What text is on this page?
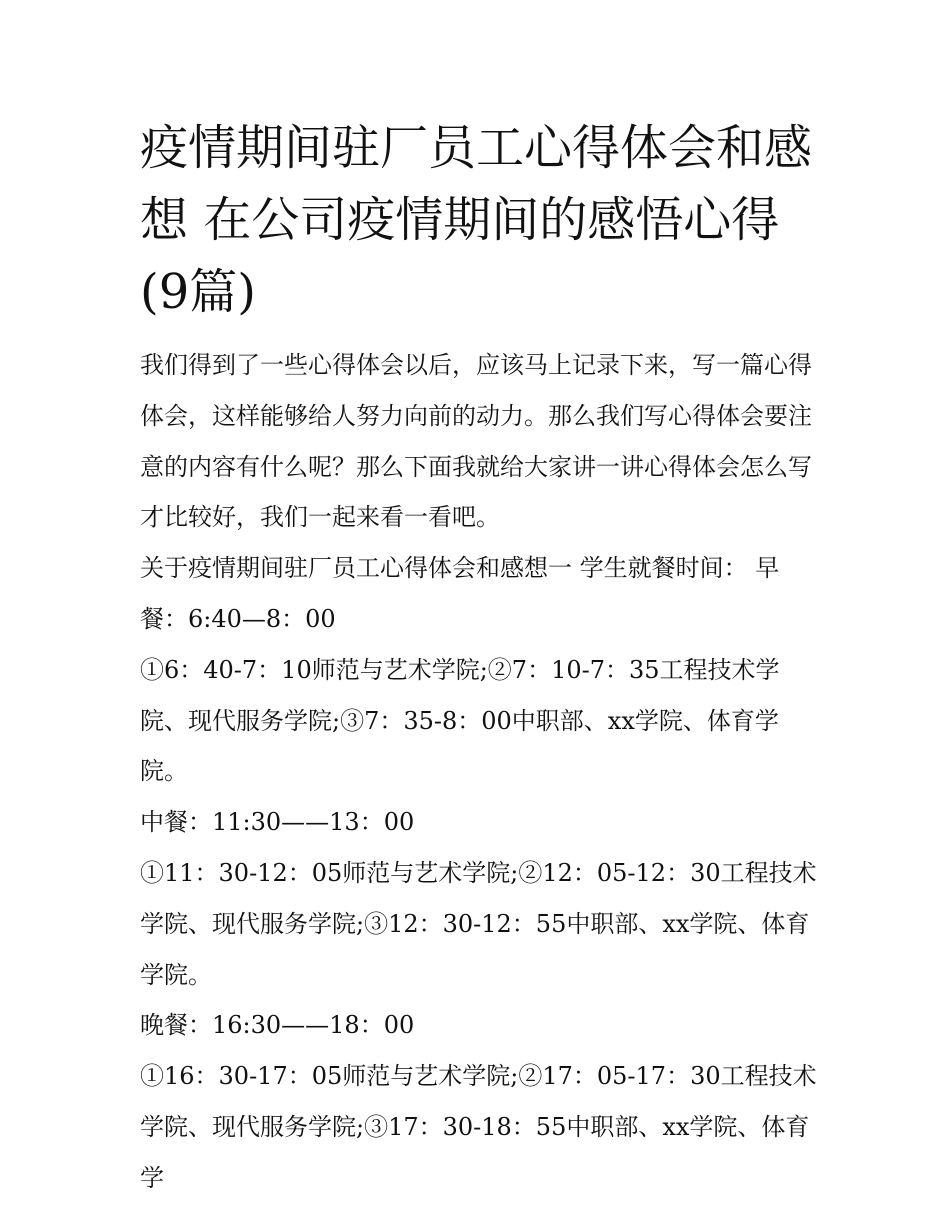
疫情期间驻厂员工心得体会和感想 在公司疫情期间的感悟心得(9篇)

我们得到了一些心得体会以后，应该马上记录下来，写一篇心得体会，这样能够给人努力向前的动力。那么我们写心得体会要注意的内容有什么呢？那么下面我就给大家讲一讲心得体会怎么写才比较好，我们一起来看一看吧。

关于疫情期间驻厂员工心得体会和感想一 学生就餐时间： 早餐：6:40—8：00

①6：40-7：10师范与艺术学院;②7：10-7：35工程技术学院、现代服务学院;③7：35-8：00中职部、xx学院、体育学院。

中餐：11:30——13：00

①11：30-12：05师范与艺术学院;②12：05-12：30工程技术学院、现代服务学院;③12：30-12：55中职部、xx学院、体育学院。

晚餐：16:30——18：00

①16：30-17：05师范与艺术学院;②17：05-17：30工程技术学院、现代服务学院;③17：30-18：55中职部、xx学院、体育学
